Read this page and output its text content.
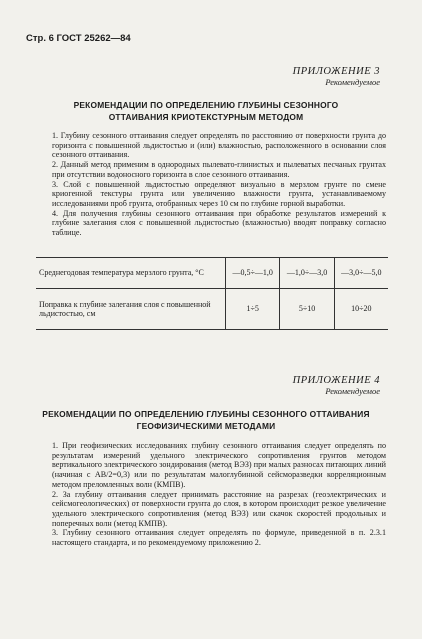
Стр. 6 ГОСТ 25262—84
ПРИЛОЖЕНИЕ 3
Рекомендуемое
РЕКОМЕНДАЦИИ ПО ОПРЕДЕЛЕНИЮ ГЛУБИНЫ СЕЗОННОГО
ОТТАИВАНИЯ КРИОТЕКСТУРНЫМ МЕТОДОМ
1. Глубину сезонного оттаивания следует определять по расстоянию от поверхности грунта до горизонта с повышенной льдистостью и (или) влажностью, расположенного в основании слоя сезонного оттаивания.
2. Данный метод применим в однородных пылевато-глинистых и пылеватых песчаных грунтах при отсутствии водоносного горизонта в слое сезонного оттаивания.
3. Слой с повышенной льдистостью определяют визуально в мерзлом грунте по смене криогенной текстуры грунта или увеличению влажности грунта, устанавливаемому исследованиями проб грунта, отобранных через 10 см по глубине горной выработки.
4. Для получения глубины сезонного оттаивания при обработке результатов измерений к глубине залегания слоя с повышенной льдистостью (влажностью) вводят поправку согласно таблице.
Среднегодовая температура мерзлого грунта, °С	—0,5÷—1,0	—1,0÷—3,0	—3,0÷—5,0
Поправка к глубине залегания слоя с повышенной льдистостью, см	1÷5	5÷10	10÷20
ПРИЛОЖЕНИЕ 4
Рекомендуемое
РЕКОМЕНДАЦИИ ПО ОПРЕДЕЛЕНИЮ ГЛУБИНЫ СЕЗОННОГО ОТТАИВАНИЯ
ГЕОФИЗИЧЕСКИМИ МЕТОДАМИ
1. При геофизических исследованиях глубину сезонного оттаивания следует определять по результатам измерений удельного электрического сопротивления грунтов методом вертикального электрического зондирования (метод ВЭЗ) при малых разносах питающих линий (начиная с АВ/2=0,3) или по результатам малоглубинной сейсморазведки корреляционным методом преломленных волн (КМПВ).
2. За глубину оттаивания следует принимать расстояние на разрезах (геоэлектрических и сейсмогеологических) от поверхности грунта до слоя, в котором происходит резкое увеличение удельного электрического сопротивления (метод ВЭЗ) или скачок скоростей продольных и поперечных волн (метод КМПВ).
3. Глубину сезонного оттаивания следует определять по формуле, приведенной в п. 2.3.1 настоящего стандарта, и по рекомендуемому приложению 2.
